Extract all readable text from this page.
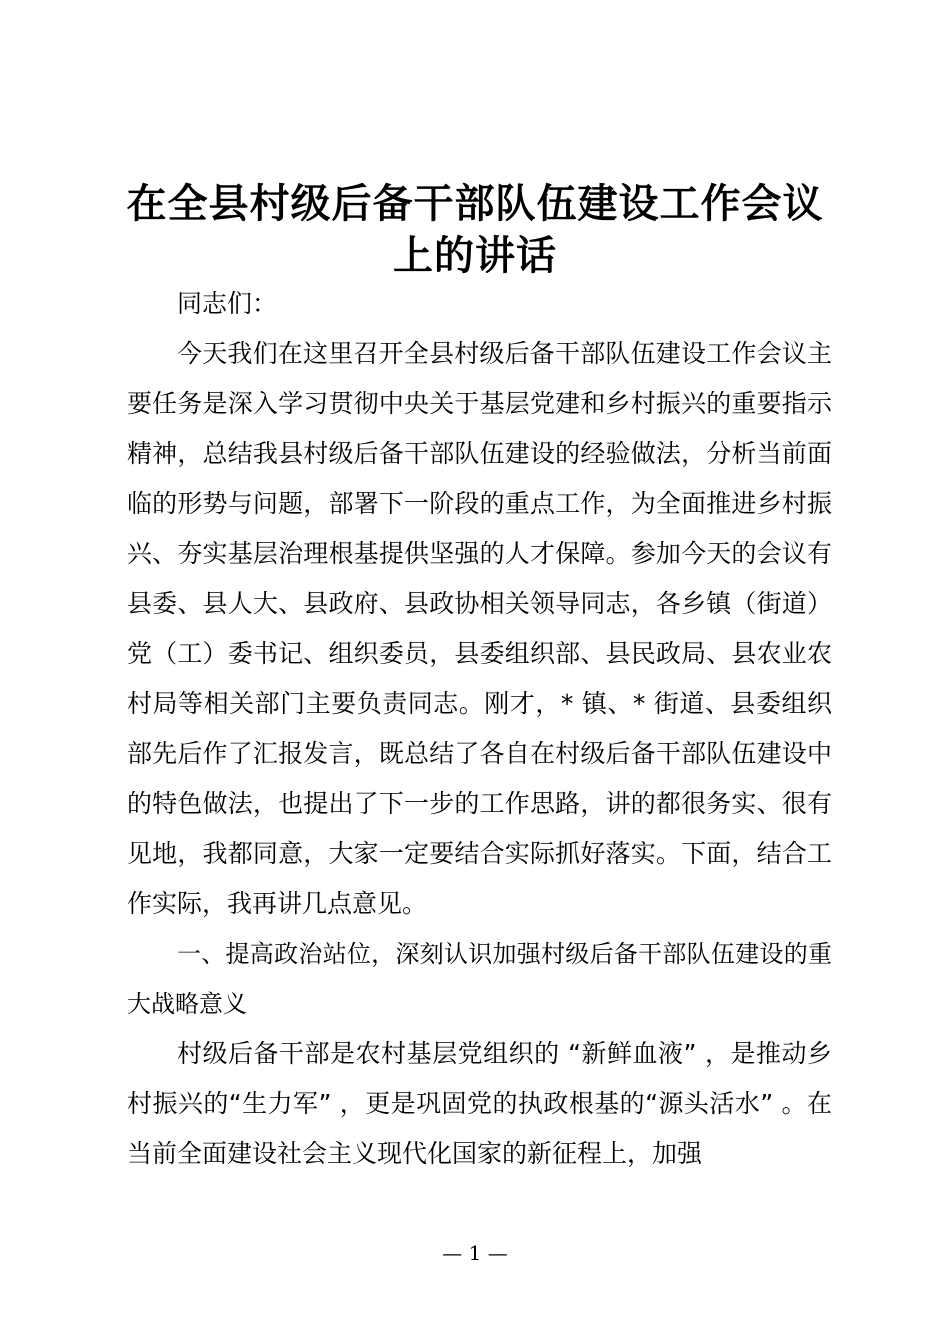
在全县村级后备干部队伍建设工作会议
上的讲话

同志们：

今天我们在这里召开全县村级后备干部队伍建设工作会议主要任务是深入学习贯彻中央关于基层党建和乡村振兴的重要指示精神，总结我县村级后备干部队伍建设的经验做法，分析当前面临的形势与问题，部署下一阶段的重点工作，为全面推进乡村振兴、夯实基层治理根基提供坚强的人才保障。参加今天的会议有县委、县人大、县政府、县政协相关领导同志，各乡镇（街道）党（工）委书记、组织委员，县委组织部、县民政局、县农业农村局等相关部门主要负责同志。刚才，* 镇、* 街道、县委组织部先后作了汇报发言，既总结了各自在村级后备干部队伍建设中的特色做法，也提出了下一步的工作思路，讲的都很务实、很有见地，我都同意，大家一定要结合实际抓好落实。下面，结合工作实际，我再讲几点意见。

一、提高政治站位，深刻认识加强村级后备干部队伍建设的重大战略意义

村级后备干部是农村基层党组织的 “新鲜血液” ，是推动乡村振兴的“生力军” ，更是巩固党的执政根基的“源头活水” 。在当前全面建设社会主义现代化国家的新征程上，加强

— 1 —
